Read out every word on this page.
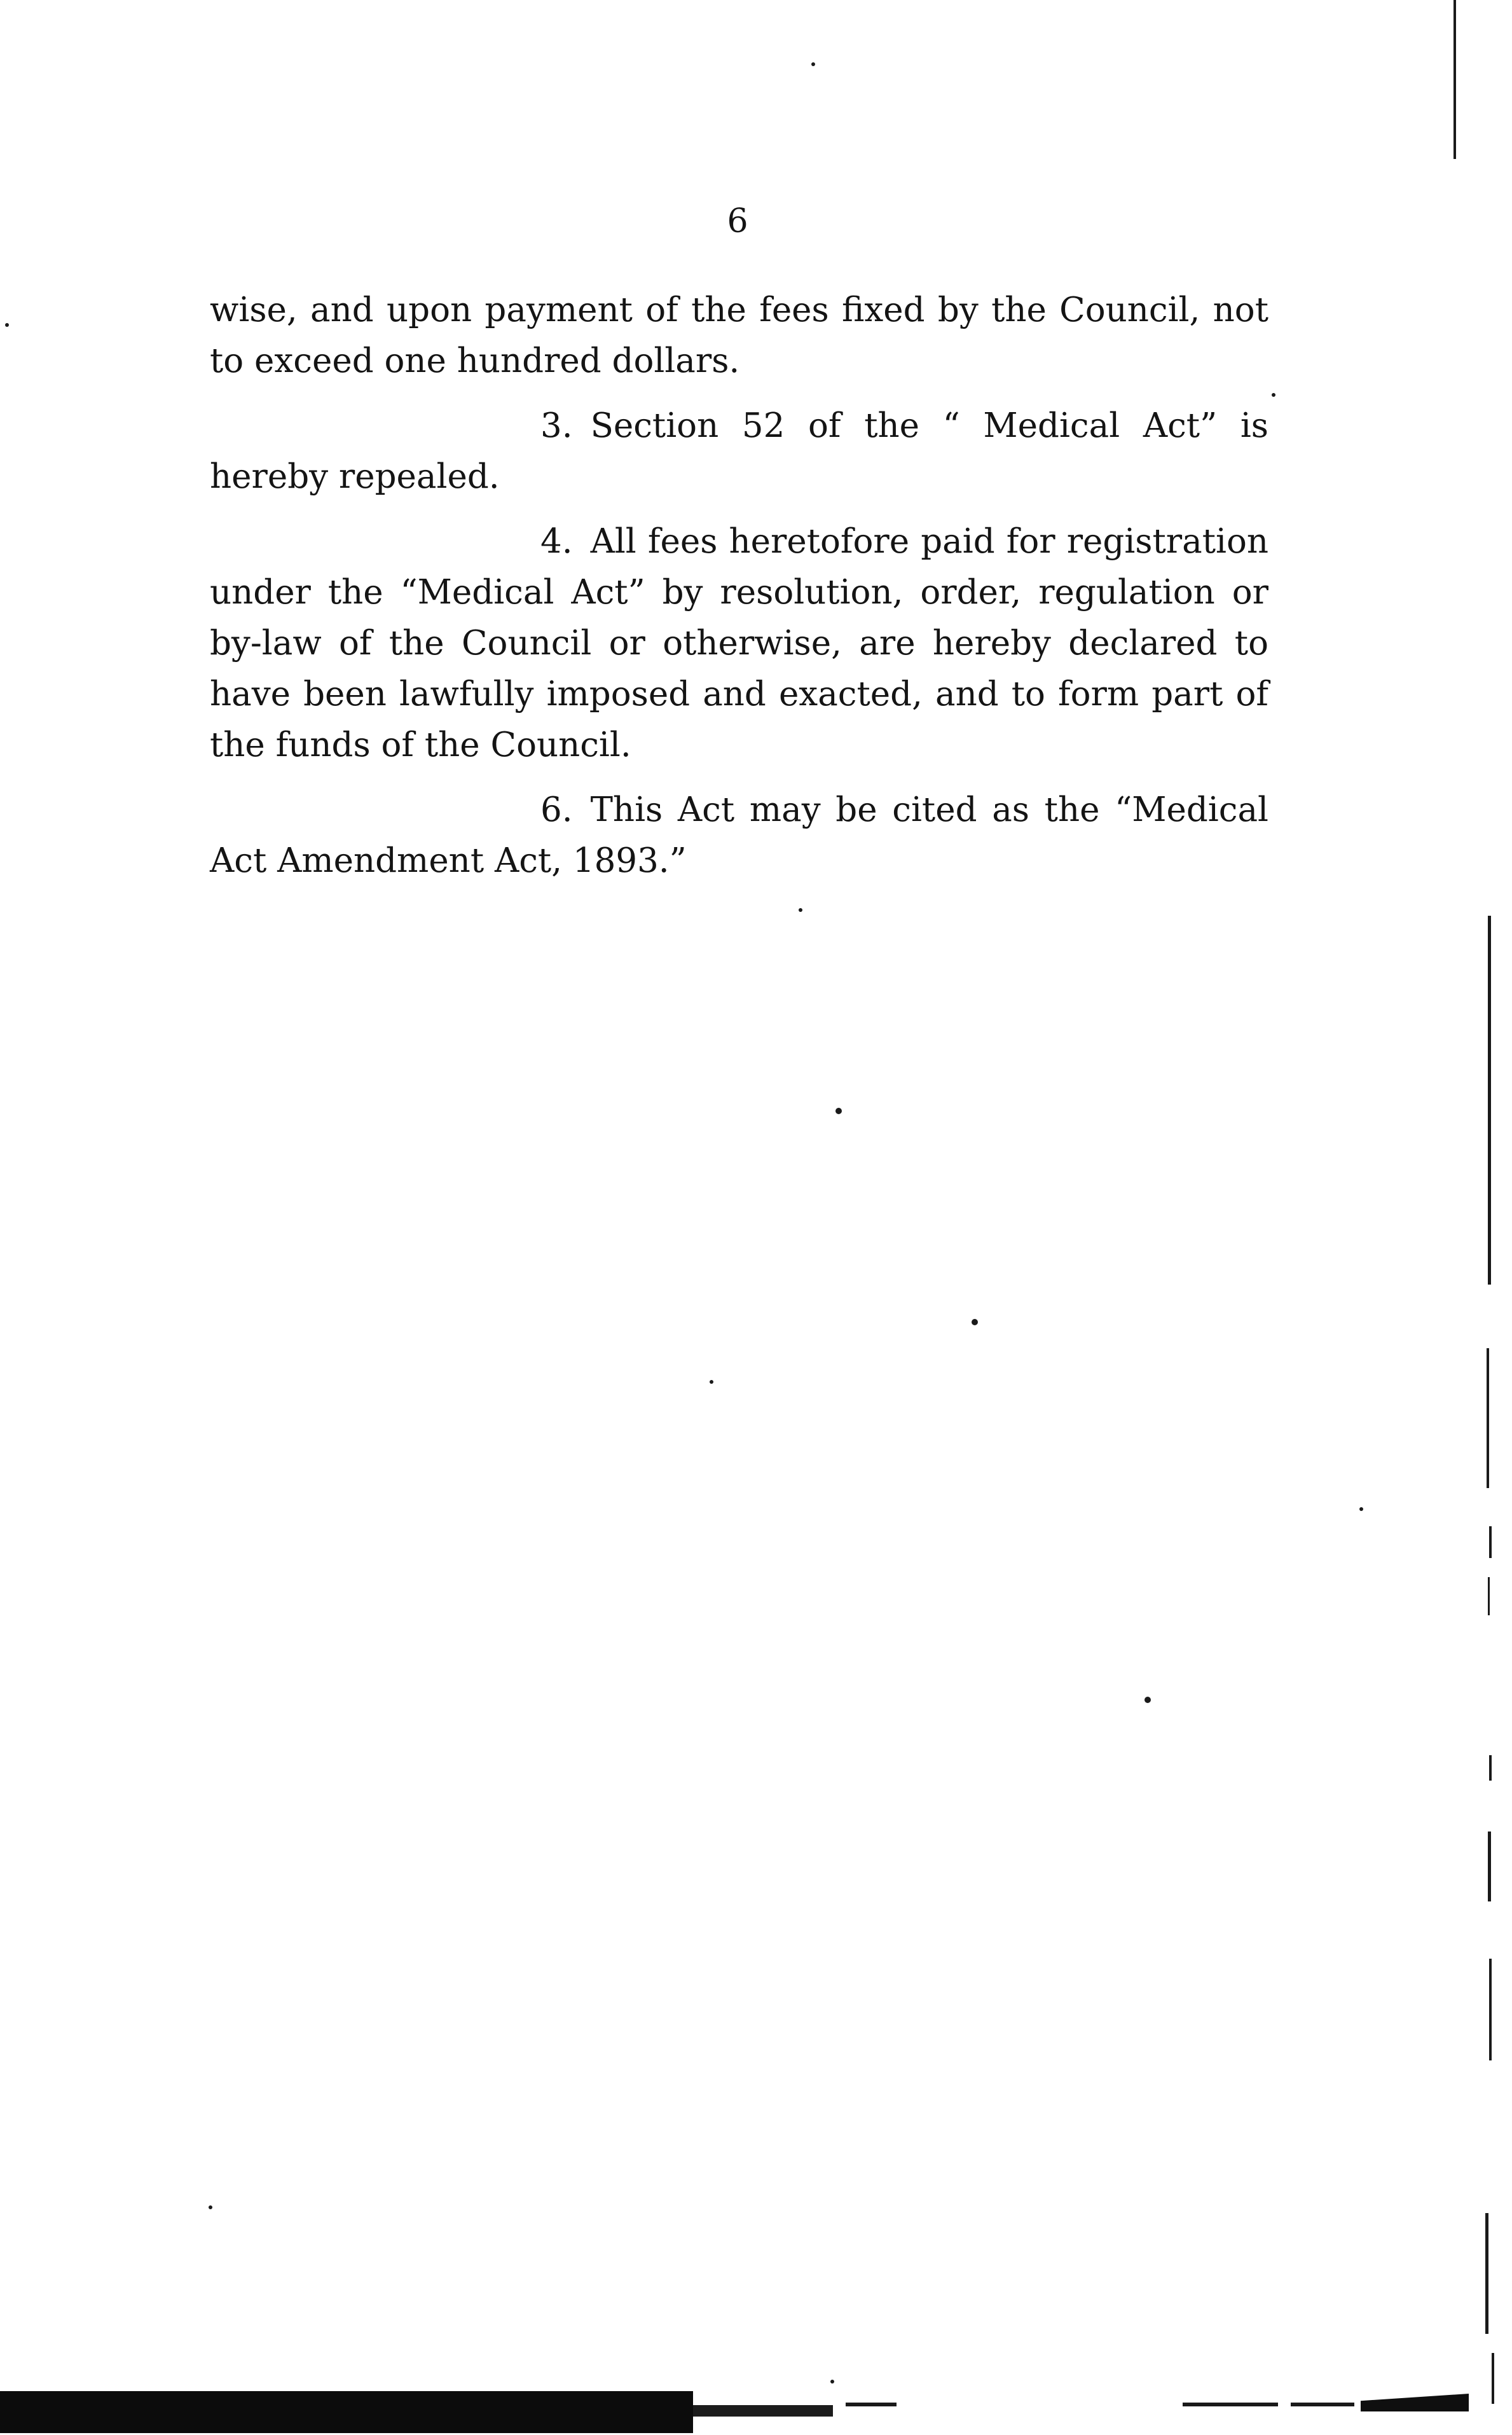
6

wise, and upon payment of the fees fixed by the Council, not to exceed one hundred dollars.

3. Section 52 of the “ Medical Act” is hereby repealed.

4. All fees heretofore paid for registration under the “Medical Act” by resolution, order, regulation or by-law of the Council or otherwise, are hereby declared to have been lawfully imposed and exacted, and to form part of the funds of the Council.

6. This Act may be cited as the “Medical Act Amendment Act, 1893.”
